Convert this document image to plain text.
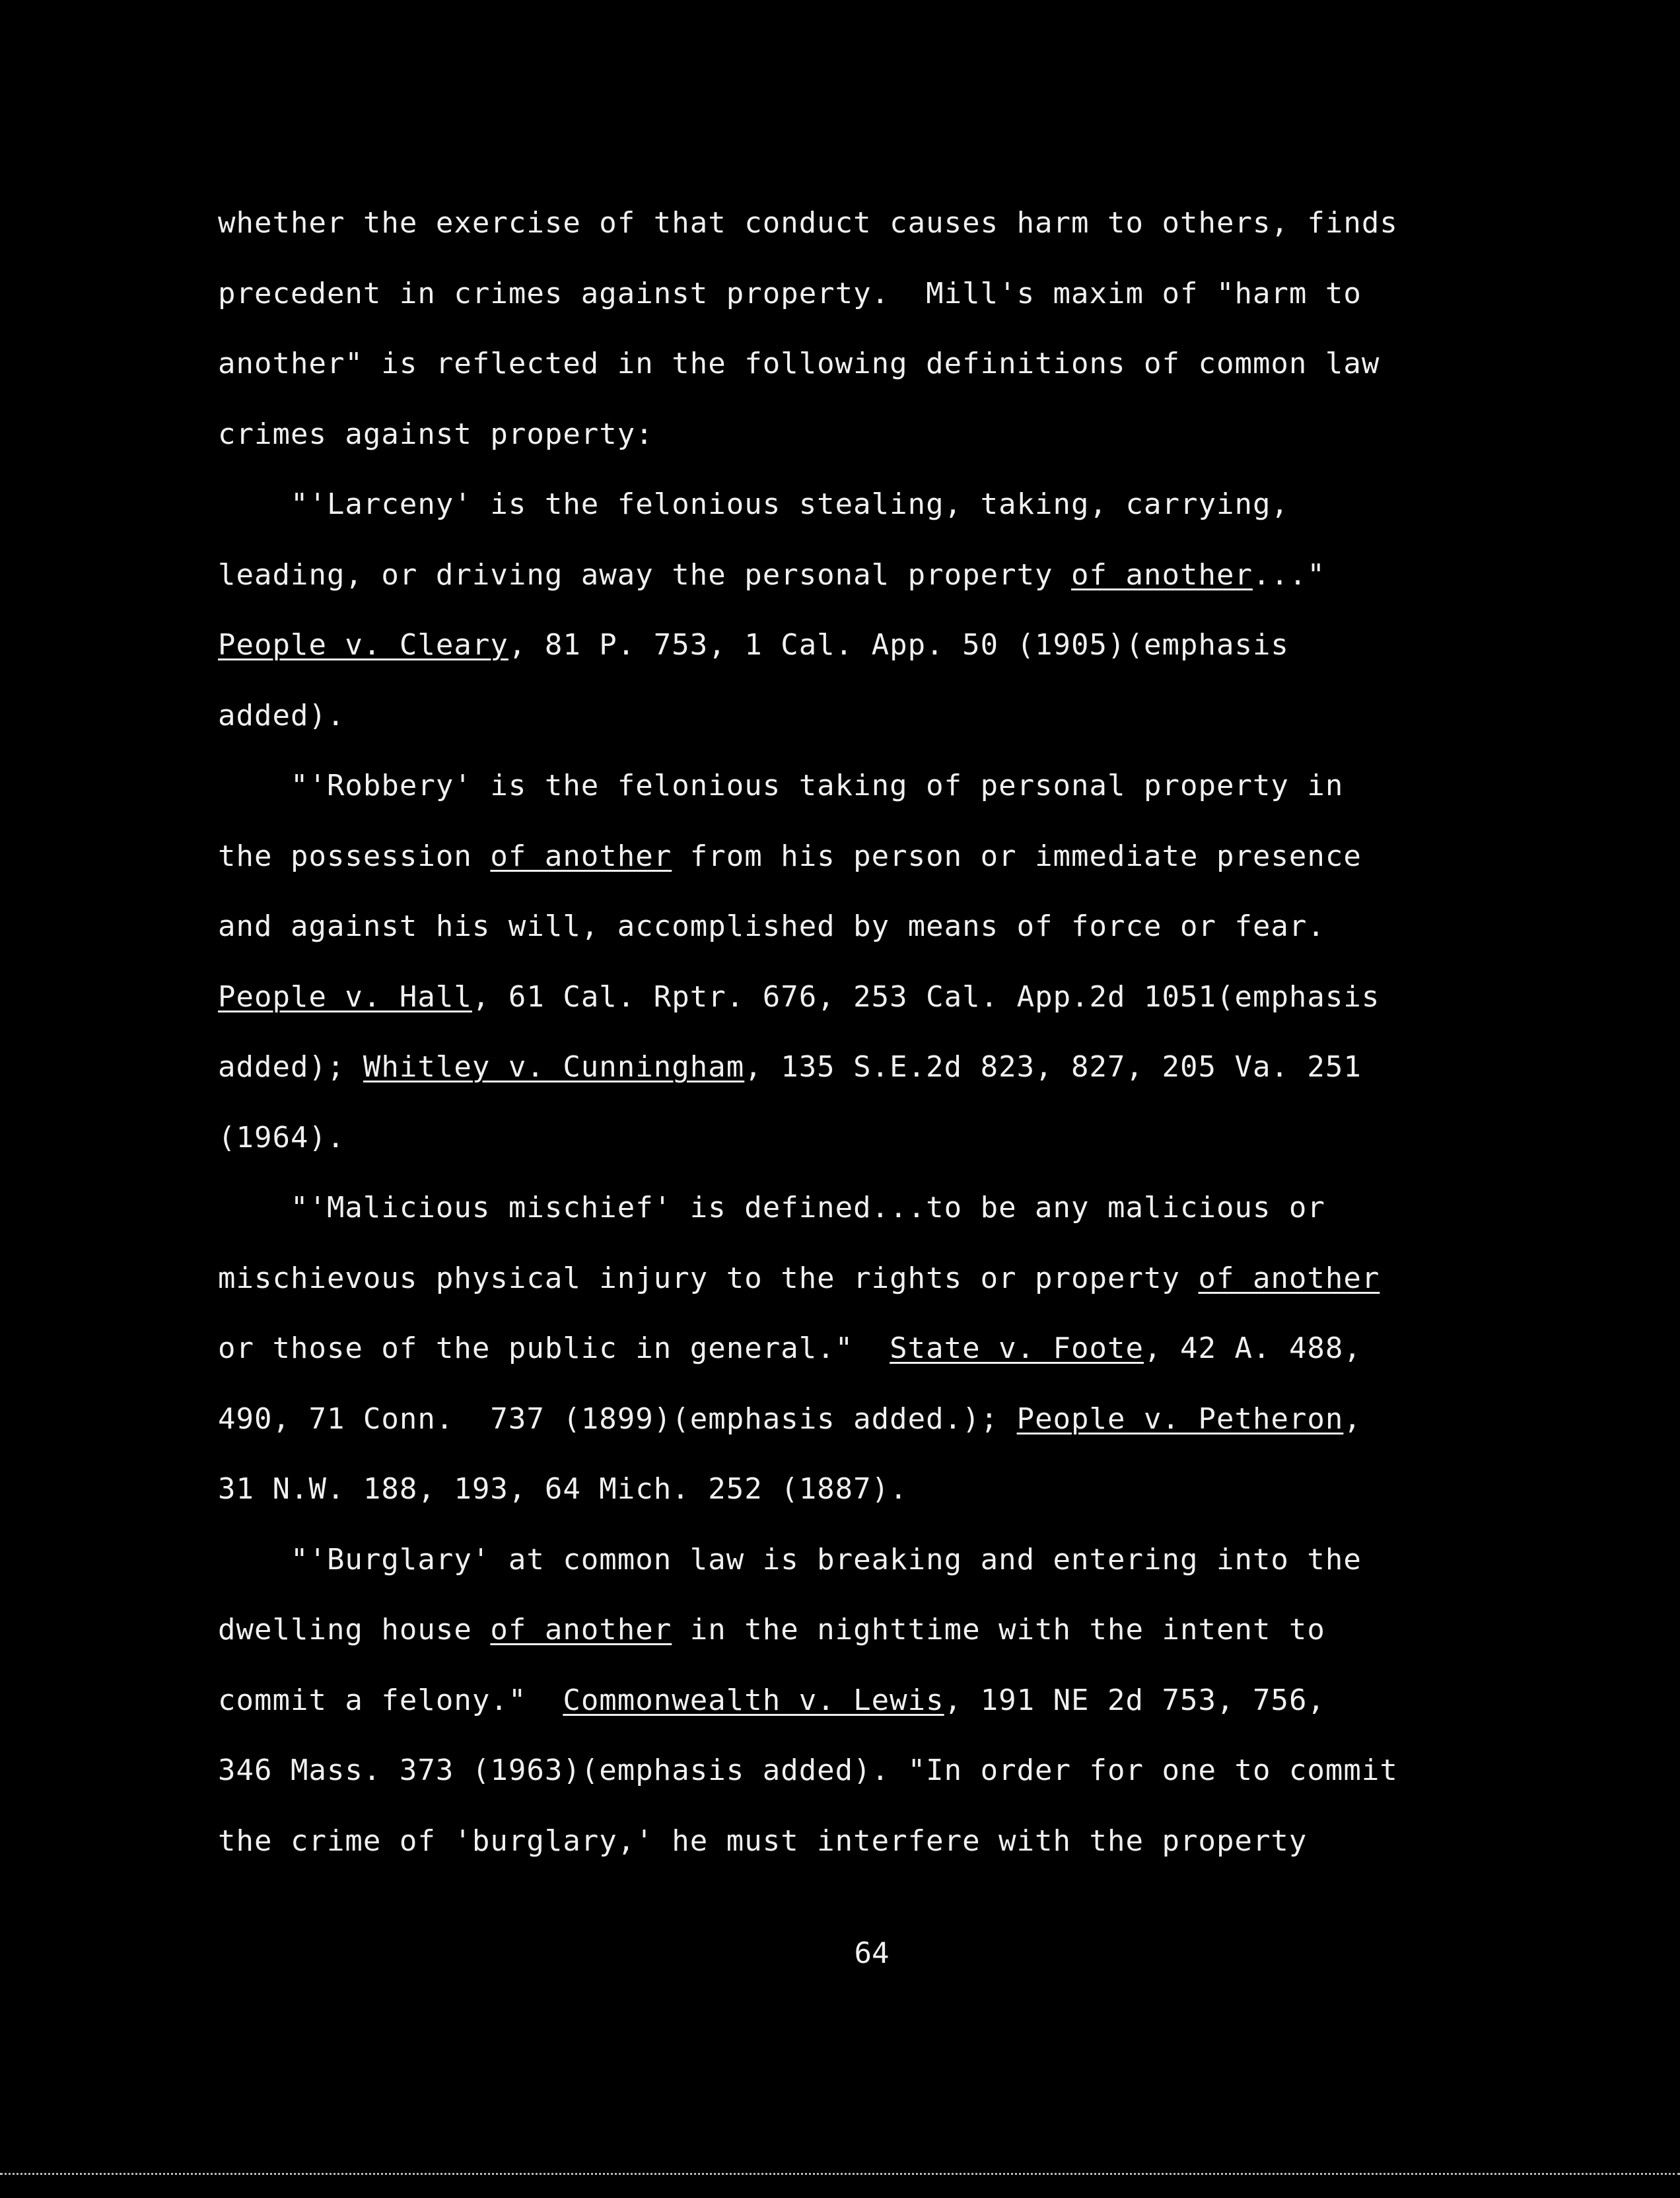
whether the exercise of that conduct causes harm to others, finds
precedent in crimes against property.  Mill's maxim of "harm to
another" is reflected in the following definitions of common law
crimes against property:
"'Larceny' is the felonious stealing, taking, carrying,
leading, or driving away the personal property of another..."
People v. Cleary, 81 P. 753, 1 Cal. App. 50 (1905)(emphasis
added).
"'Robbery' is the felonious taking of personal property in
the possession of another from his person or immediate presence
and against his will, accomplished by means of force or fear.
People v. Hall, 61 Cal. Rptr. 676, 253 Cal. App.2d 1051(emphasis
added); Whitley v. Cunningham, 135 S.E.2d 823, 827, 205 Va. 251
(1964).
"'Malicious mischief' is defined...to be any malicious or
mischievous physical injury to the rights or property of another
or those of the public in general."  State v. Foote, 42 A. 488,
490, 71 Conn.  737 (1899)(emphasis added.); People v. Petheron,
31 N.W. 188, 193, 64 Mich. 252 (1887).
"'Burglary' at common law is breaking and entering into the
dwelling house of another in the nighttime with the intent to
commit a felony."  Commonwealth v. Lewis, 191 NE 2d 753, 756,
346 Mass. 373 (1963)(emphasis added). "In order for one to commit
the crime of 'burglary,' he must interfere with the property
64
